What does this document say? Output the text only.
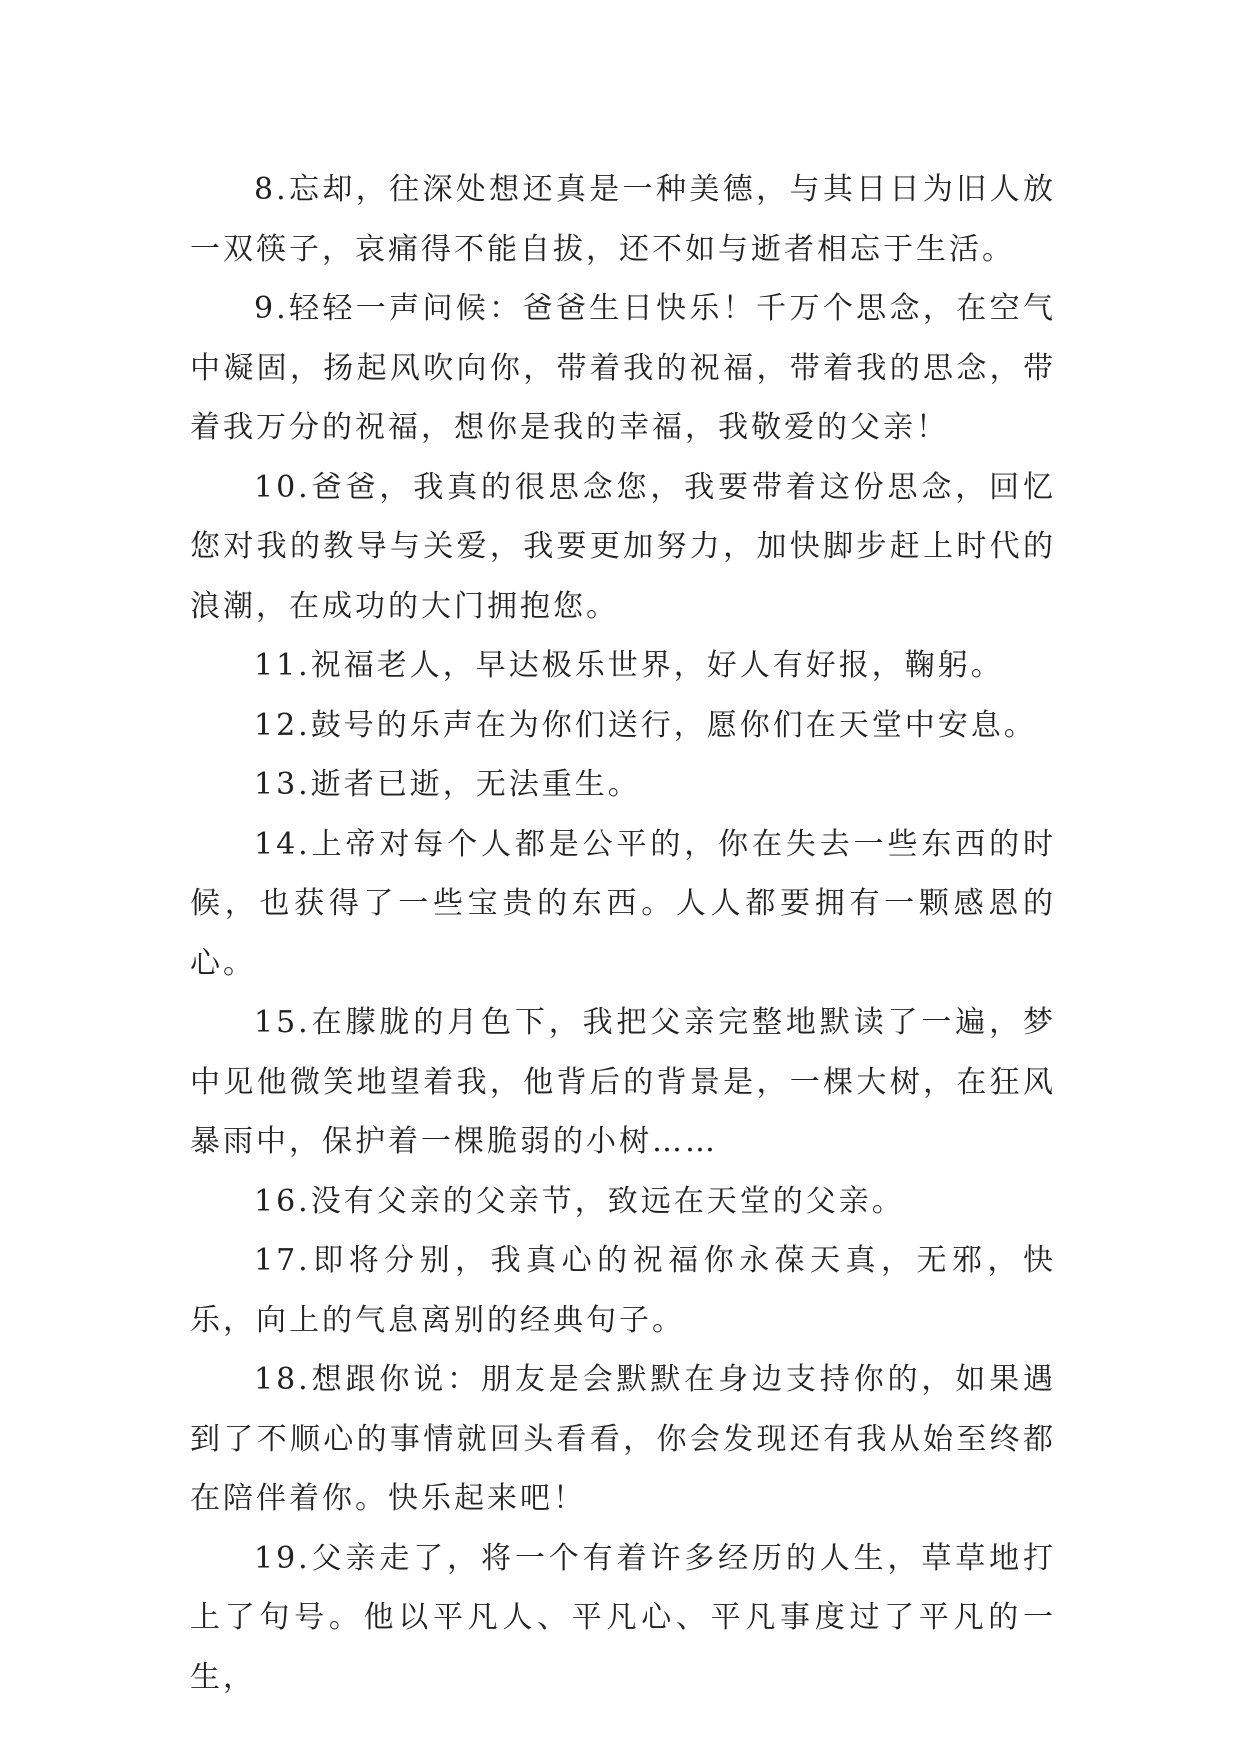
8.忘却，往深处想还真是一种美德，与其日日为旧人放一双筷子，哀痛得不能自拔，还不如与逝者相忘于生活。

9.轻轻一声问候：爸爸生日快乐！千万个思念，在空气中凝固，扬起风吹向你，带着我的祝福，带着我的思念，带着我万分的祝福，想你是我的幸福，我敬爱的父亲！

10.爸爸，我真的很思念您，我要带着这份思念，回忆您对我的教导与关爱，我要更加努力，加快脚步赶上时代的浪潮，在成功的大门拥抱您。

11.祝福老人，早达极乐世界，好人有好报，鞠躬。

12.鼓号的乐声在为你们送行，愿你们在天堂中安息。

13.逝者已逝，无法重生。

14.上帝对每个人都是公平的，你在失去一些东西的时候，也获得了一些宝贵的东西。人人都要拥有一颗感恩的心。

15.在朦胧的月色下，我把父亲完整地默读了一遍，梦中见他微笑地望着我，他背后的背景是，一棵大树，在狂风暴雨中，保护着一棵脆弱的小树……

16.没有父亲的父亲节，致远在天堂的父亲。

17.即将分别，我真心的祝福你永葆天真，无邪，快乐，向上的气息离别的经典句子。

18.想跟你说：朋友是会默默在身边支持你的，如果遇到了不顺心的事情就回头看看，你会发现还有我从始至终都在陪伴着你。快乐起来吧！

19.父亲走了，将一个有着许多经历的人生，草草地打上了句号。他以平凡人、平凡心、平凡事度过了平凡的一生，
